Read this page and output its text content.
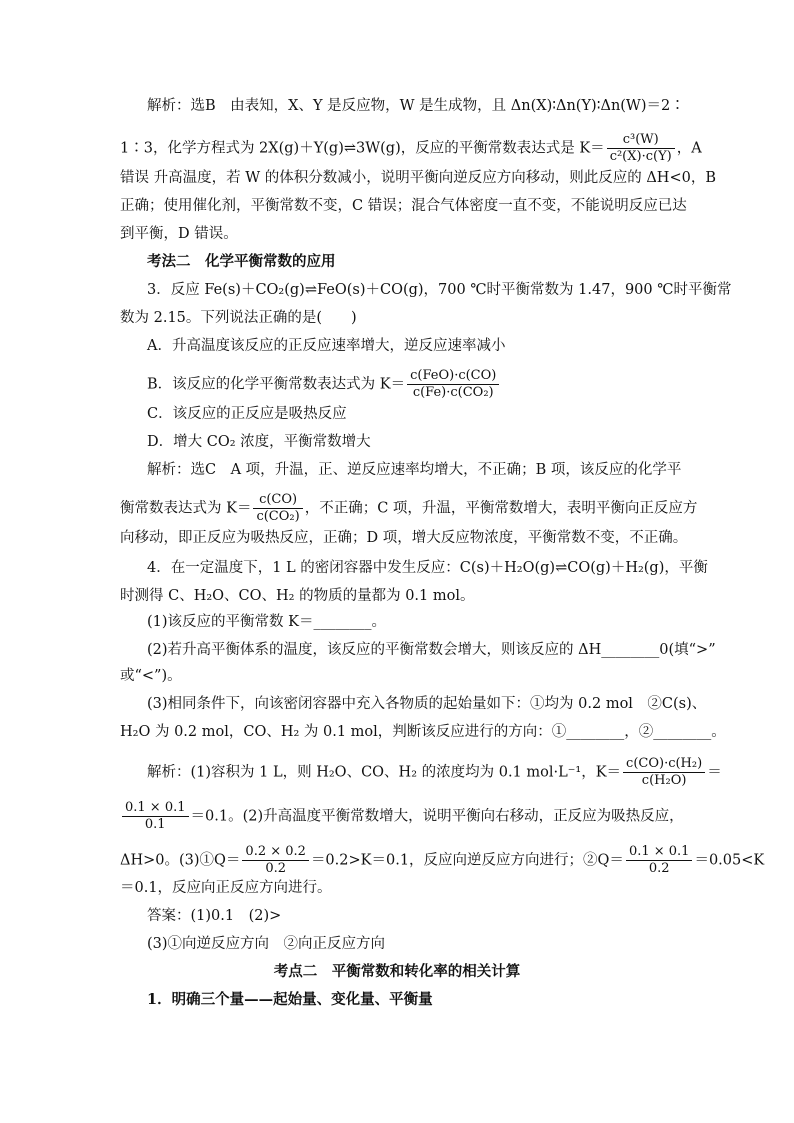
解析：选B　由表知，X、Y 是反应物，W 是生成物，且 Δn(X)∶Δn(Y)∶Δn(W)＝2∶
1∶3，化学方程式为 2X(g)＋Y(g)⇌3W(g)，反应的平衡常数表达式是 $K= \frac{\text{c³(W)}}{\text{c²(X)·c(Y)}}$ ，A
错误 升高温度，若 W 的体积分数减小，说明平衡向逆反应方向移动，则此反应的 ΔH<0，B
正确；使用催化剂，平衡常数不变，C 错误；混合气体密度一直不变，不能说明反应已达
到平衡，D 错误。
考法二　化学平衡常数的应用
3．反应 Fe(s)＋CO₂(g)⇌FeO(s)＋CO(g)，700 ℃时平衡常数为 1.47，900 ℃时平衡常
数为 2.15。下列说法正确的是(　　)
A．升高温度该反应的正反应速率增大，逆反应速率减小
B．该反应的化学平衡常数表达式为 $K= \frac{\text{c(FeO)·c(CO)}}{\text{c(Fe)·c(CO₂)}}$
C．该反应的正反应是吸热反应
D．增大 CO₂ 浓度，平衡常数增大
解析：选C　A 项，升温，正、逆反应速率均增大，不正确；B 项，该反应的化学平
衡常数表达式为 $K= \frac{c(CO)}{\text{c(CO₂)}}$ ，不正确；C 项，升温，平衡常数增大，表明平衡向正反应方
向移动，即正反应为吸热反应，正确；D 项，增大反应物浓度，平衡常数不变，不正确。
4．在一定温度下，1 L 的密闭容器中发生反应：C(s)＋H₂O(g)⇌CO(g)＋H₂(g)，平衡
时测得 C、H₂O、CO、H₂ 的物质的量都为 0.1 mol。
(1)该反应的平衡常数 K＝________。
(2)若升高平衡体系的温度，该反应的平衡常数会增大，则该反应的 ΔH________0(填“>”
或“<”)。
(3)相同条件下，向该密闭容器中充入各物质的起始量如下：①均为 0.2 mol　②C(s)、
H₂O 为 0.2 mol，CO、H₂ 为 0.1 mol，判断该反应进行的方向：①________，②________。
解析：(1)容积为 1 L，则 H₂O、CO、H₂ 的浓度均为 0.1 mol·L⁻¹，$K= \frac{\text{c(CO)·c(H₂)}}{\text{c(H₂O)}}$ ＝
$\frac{0.1 \times 0.1}{0.1} =0.1$。(2)升高温度平衡常数增大，说明平衡向右移动，正反应为吸热反应，
ΔH>0。(3)①Q＝ $\frac{0.2 \times 0.2}{0.2} =0.2>K=0.1$，反应向逆反应方向进行；②Q＝ $\frac{0.1 \times 0.1}{0.2} =0.05<K$
＝0.1，反应向正反应方向进行。
答案：(1)0.1　(2)>
(3)①向逆反应方向　②向正反应方向
考点二　平衡常数和转化率的相关计算
1．明确三个量——起始量、变化量、平衡量
